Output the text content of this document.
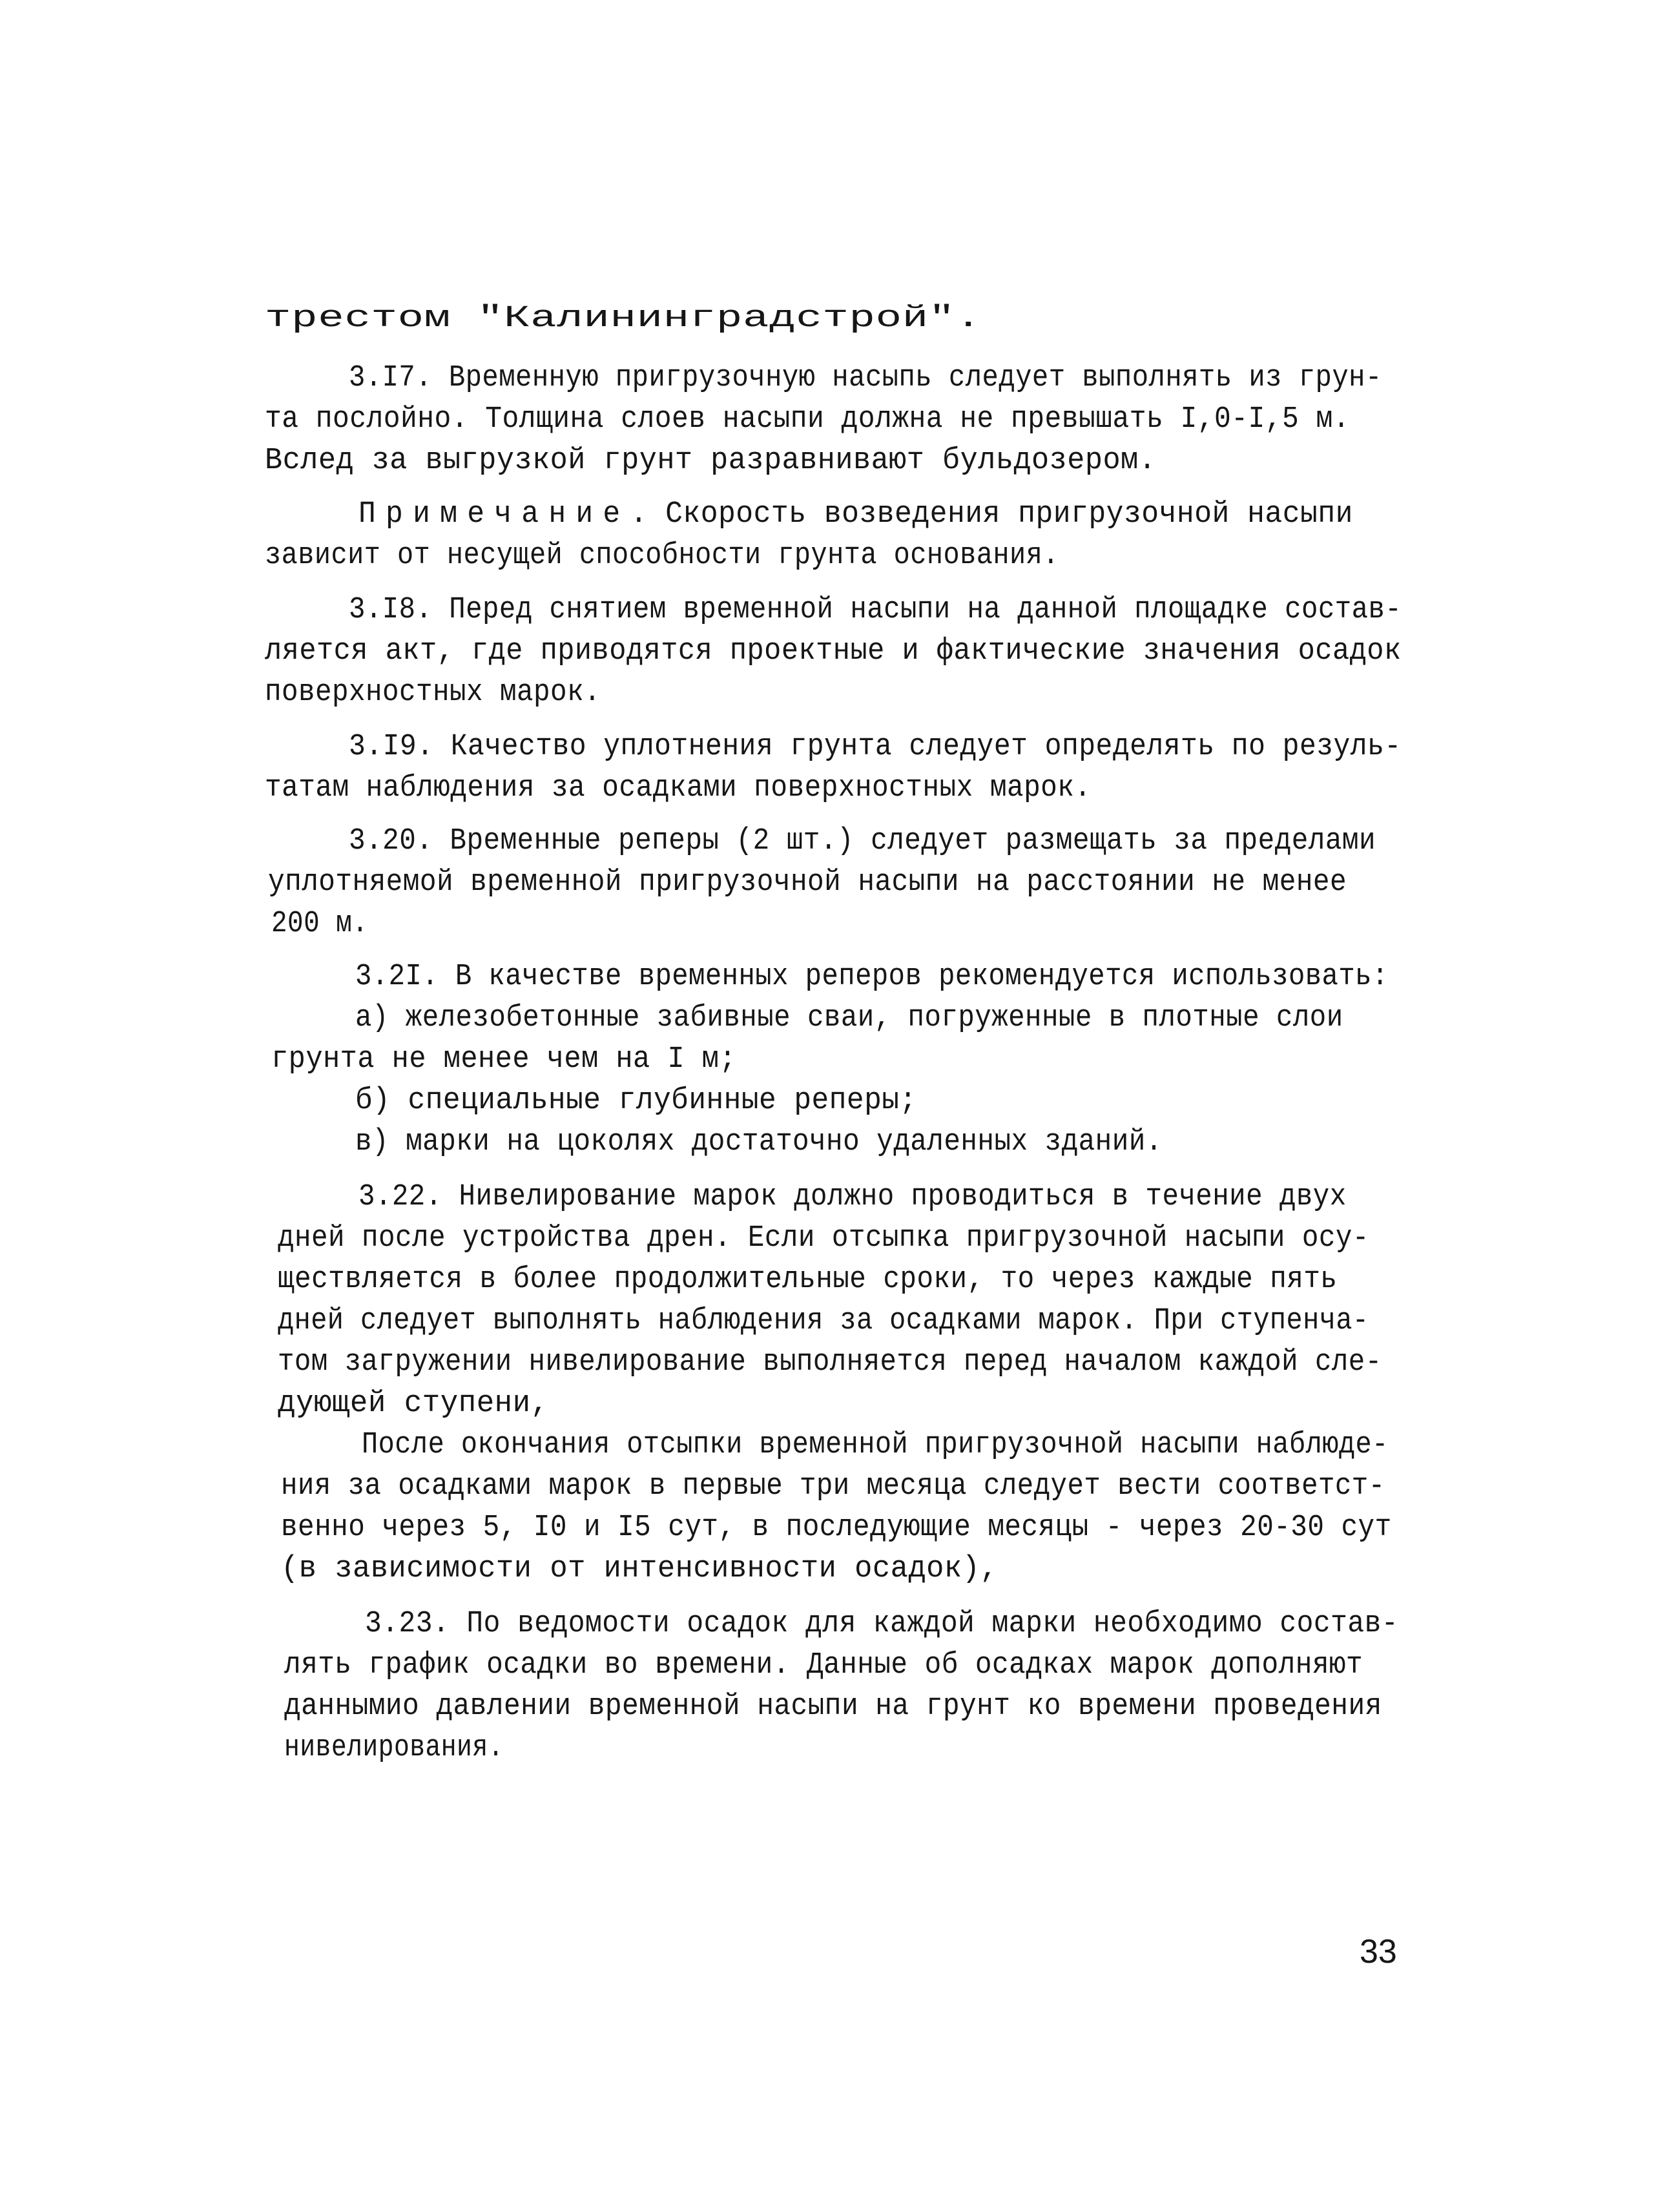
трестом "Калининградстрой".
3.I7. Временную пригрузочную насыпь следует выполнять из грун-
та послойно. Толщина слоев насыпи должна не превышать I,0-I,5 м.
Вслед за выгрузкой грунт разравнивают бульдозером.
Примечание. Скорость возведения пригрузочной насыпи
зависит от несущей способности грунта основания.
3.I8. Перед снятием временной насыпи на данной площадке состав-
ляется акт, где приводятся проектные и фактические значения осадок
поверхностных марок.
3.I9. Качество уплотнения грунта следует определять по резуль-
татам наблюдения за осадками поверхностных марок.
3.20. Временные реперы (2 шт.) следует размещать за пределами
уплотняемой временной пригрузочной насыпи на расстоянии не менее
200 м.
3.2I. В качестве временных реперов рекомендуется использовать:
а) железобетонные забивные сваи, погруженные в плотные слои
грунта не менее чем на I м;
б) специальные глубинные реперы;
в) марки на цоколях достаточно удаленных зданий.
3.22. Нивелирование марок должно проводиться в течение двух
дней после устройства дрен. Если отсыпка пригрузочной насыпи осу-
ществляется в более продолжительные сроки, то через каждые пять
дней следует выполнять наблюдения за осадками марок. При ступенча-
том загружении нивелирование выполняется перед началом каждой сле-
дующей ступени,
После окончания отсыпки временной пригрузочной насыпи наблюде-
ния за осадками марок в первые три месяца следует вести соответст-
венно через 5, I0 и I5 сут, в последующие месяцы - через 20-30 сут
(в зависимости от интенсивности осадок),
3.23. По ведомости осадок для каждой марки необходимо состав-
лять график осадки во времени. Данные об осадках марок дополняют
даннымио давлении временной насыпи на грунт ко времени проведения
нивелирования.
33
